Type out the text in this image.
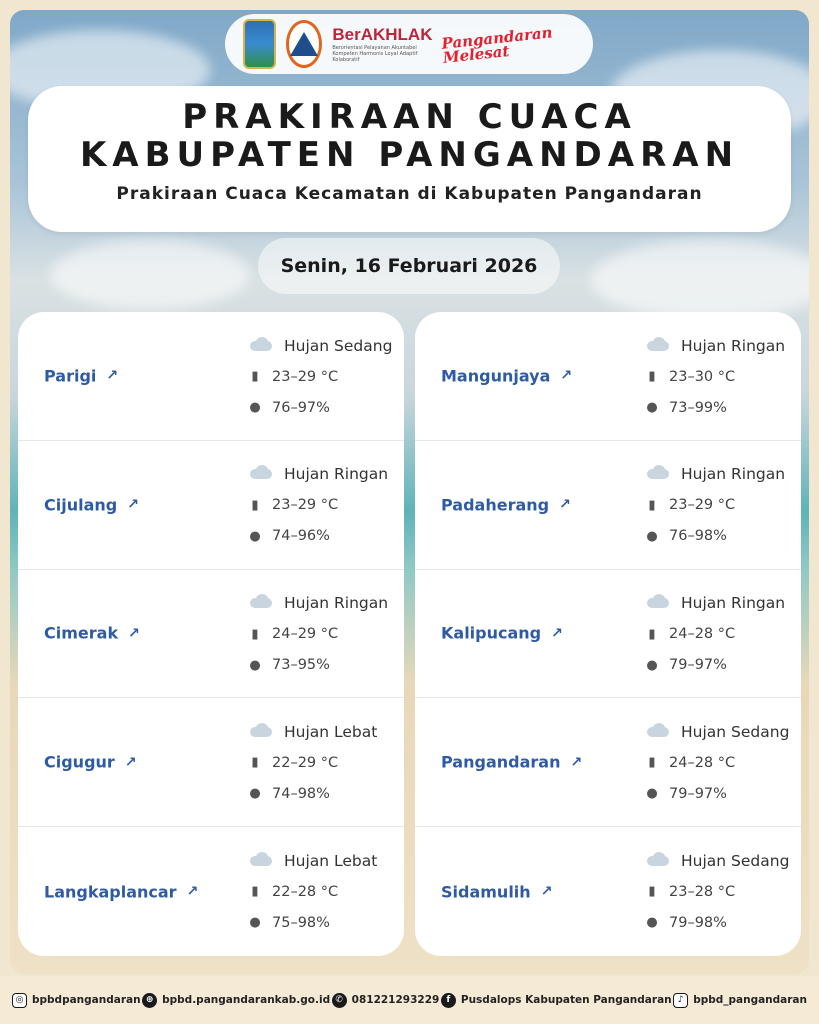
BerAKHLAK
Berorientasi Pelayanan Akuntabel Kompeten Harmonis Loyal Adaptif Kolaboratif
Pangandaran Melesat
PRAKIRAAN CUACA
KABUPATEN PANGANDARAN
Prakiraan Cuaca Kecamatan di Kabupaten Pangandaran
Senin, 16 Februari 2026
Parigi ↗
Hujan Sedang
▮ 23–29 °C
● 76–97%
Cijulang ↗
Hujan Ringan
▮ 23–29 °C
● 74–96%
Cimerak ↗
Hujan Ringan
▮ 24–29 °C
● 73–95%
Cigugur ↗
Hujan Lebat
▮ 22–29 °C
● 74–98%
Langkaplancar ↗
Hujan Lebat
▮ 22–28 °C
● 75–98%
Mangunjaya ↗
Hujan Ringan
▮ 23–30 °C
● 73–99%
Padaherang ↗
Hujan Ringan
▮ 23–29 °C
● 76–98%
Kalipucang ↗
Hujan Ringan
▮ 24–28 °C
● 79–97%
Pangandaran ↗
Hujan Sedang
▮ 24–28 °C
● 79–97%
Sidamulih ↗
Hujan Sedang
▮ 23–28 °C
● 79–98%
◎ bpbdpangandaran ⊕ bpbd.pangandarankab.go.id ✆ 081221293229 f	Pusdalops Kabupaten Pangandaran ♪ bpbd_pangandaran
